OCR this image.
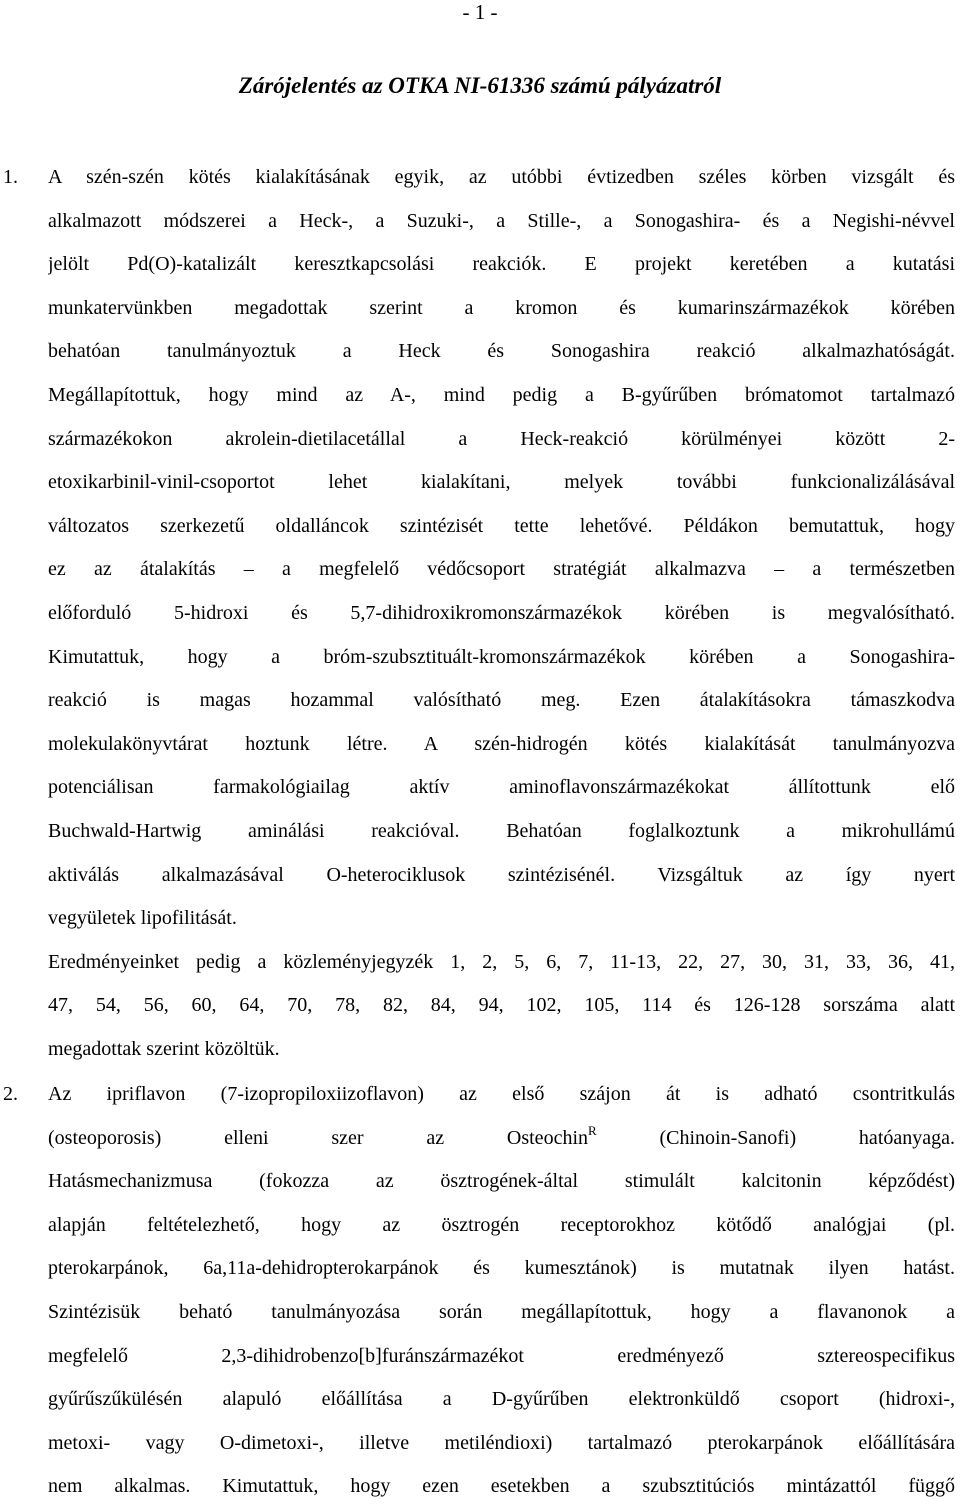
- 1 -
Zárójelentés az OTKA NI-61336 számú pályázatról
1. A szén-szén kötés kialakításának egyik, az utóbbi évtizedben széles körben vizsgált és
alkalmazott módszerei a Heck-, a Suzuki-, a Stille-, a Sonogashira- és a Negishi-névvel
jelölt Pd(O)-katalizált keresztkapcsolási reakciók. E projekt keretében a kutatási
munkatervünkben megadottak szerint a kromon és kumarinszármazékok körében
behatóan tanulmányoztuk a Heck és Sonogashira reakció alkalmazhatóságát.
Megállapítottuk, hogy mind az A-, mind pedig a B-gyűrűben brómatomot tartalmazó
származékokon akrolein-dietilacetállal a Heck-reakció körülményei között 2-
etoxikarbinil-vinil-csoportot lehet kialakítani, melyek további funkcionalizálásával
változatos szerkezetű oldalláncok szintézisét tette lehetővé. Példákon bemutattuk, hogy
ez az átalakítás – a megfelelő védőcsoport stratégiát alkalmazva – a természetben
előforduló 5-hidroxi és 5,7-dihidroxikromonszármazékok körében is megvalósítható.
Kimutattuk, hogy a bróm-szubsztituált-kromonszármazékok körében a Sonogashira-
reakció is magas hozammal valósítható meg. Ezen átalakításokra támaszkodva
molekulakönyvtárat hoztunk létre. A szén-hidrogén kötés kialakítását tanulmányozva
potenciálisan farmakológiailag aktív aminoflavonszármazékokat állítottunk elő
Buchwald-Hartwig aminálási reakcióval. Behatóan foglalkoztunk a mikrohullámú
aktiválás alkalmazásával O-heterociklusok szintézisénél. Vizsgáltuk az így nyert
vegyületek lipofilitását.

Eredményeinket pedig a közleményjegyzék 1, 2, 5, 6, 7, 11-13, 22, 27, 30, 31, 33, 36, 41,
47, 54, 56, 60, 64, 70, 78, 82, 84, 94, 102, 105, 114 és 126-128 sorszáma alatt
megadottak szerint közöltük.

2. Az ipriflavon (7-izopropiloxiizoflavon) az első szájon át is adható csontritkulás
(osteoporosis) elleni szer az Osteochin$^R$	(Chinoin-Sanofi) hatóanyaga.
Hatásmechanizmusa (fokozza az ösztrogének-által stimulált kalcitonin képződést)
alapján feltételezhető, hogy az ösztrogén receptorokhoz kötődő analógjai (pl.
pterokarpánok, 6a,11a-dehidropterokarpánok és kumesztánok) is mutatnak ilyen hatást.
Szintézisük beható tanulmányozása során megállapítottuk, hogy a flavanonok a
megfelelő 2,3-dihidrobenzo[b]furánszármazékot eredményező sztereospecifikus
gyűrűszűkülésén alapuló előállítása a D-gyűrűben elektronküldő csoport (hidroxi-,
metoxi- vagy O-dimetoxi-, illetve metiléndioxi) tartalmazó pterokarpánok előállítására
nem alkalmas. Kimutattuk, hogy ezen esetekben a szubsztitúciós mintázattól függő
